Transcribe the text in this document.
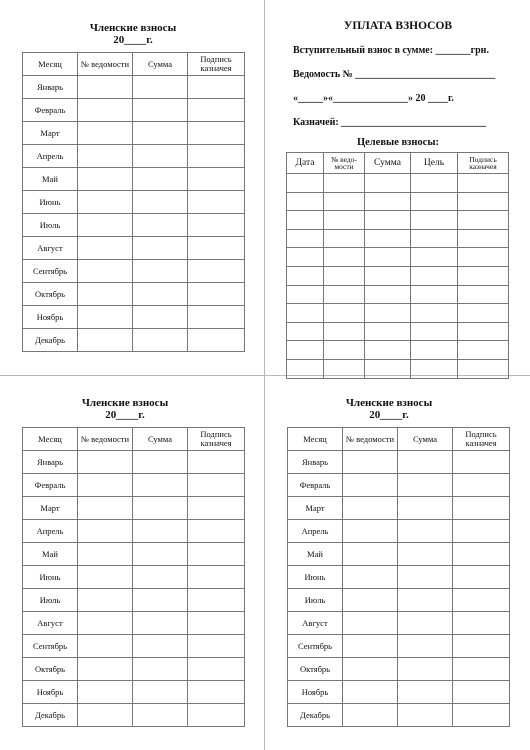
Членские взносы
20____г.
Месяц	№ ведомости	Сумма	Подпись казначея
Январь			
Февраль			
Март			
Апрель			
Май			
Июнь			
Июль			
Август			
Сентябрь			
Октябрь			
Ноябрь			
Декабрь			
Членские взносы
20____г.
Месяц	№ ведомости	Сумма	Подпись казначея
Январь			
Февраль			
Март			
Апрель			
Май			
Июнь			
Июль			
Август			
Сентябрь			
Октябрь			
Ноябрь			
Декабрь			
Членские взносы
20____г.
Месяц	№ ведомости	Сумма	Подпись казначея
Январь			
Февраль			
Март			
Апрель			
Май			
Июнь			
Июль			
Август			
Сентябрь			
Октябрь			
Ноябрь			
Декабрь			
УПЛАТА ВЗНОСОВ
Вступительный взнос в сумме: _______грн.
Ведомость № ____________________________
«_____»«_______________» 20 ____г.
Казначей: _____________________________
Целевые взносы:
Дата	№ ведо-мости	Сумма	Цель	Подпись казначея
